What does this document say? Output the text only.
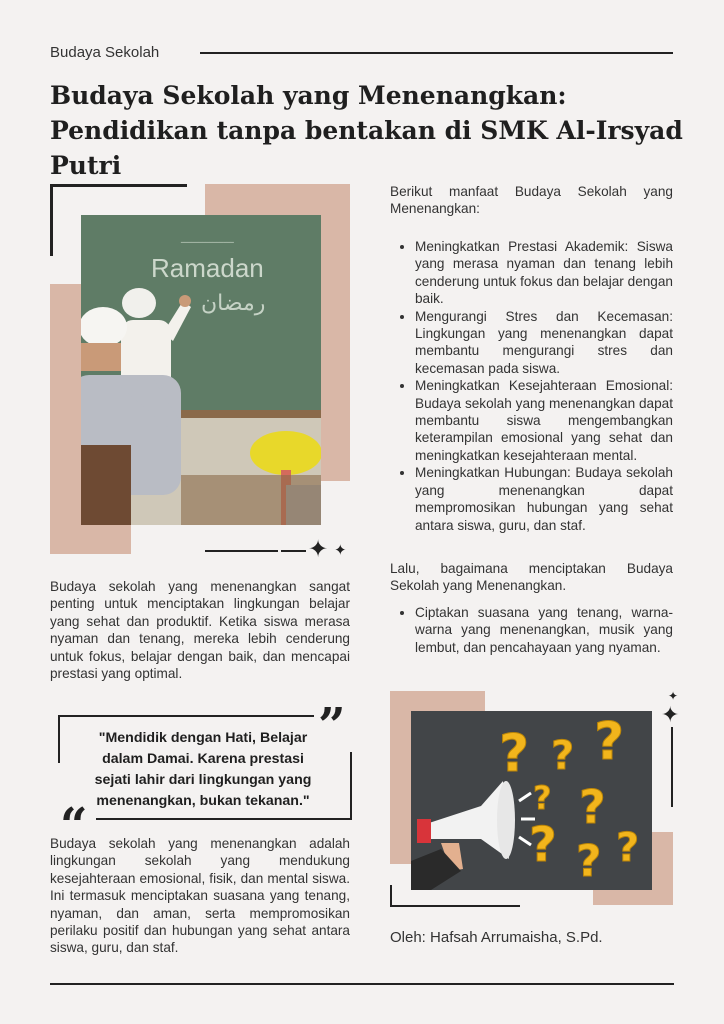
Budaya Sekolah
Budaya Sekolah yang Menenangkan: Pendidikan tanpa bentakan di SMK Al-Irsyad Putri
Ramadan
رمضان
ـــــــــــــــ
✦ ✦
Budaya sekolah yang menenangkan sangat penting untuk menciptakan lingkungan belajar yang sehat dan produktif. Ketika siswa merasa nyaman dan tenang, mereka lebih cenderung untuk fokus, belajar dengan baik, dan mencapai prestasi yang optimal.
”
“
"Mendidik dengan Hati, Belajar dalam Damai. Karena prestasi sejati lahir dari lingkungan yang menenangkan, bukan tekanan."
Budaya sekolah yang menenangkan adalah lingkungan sekolah yang mendukung kesejahteraan emosional, fisik, dan mental siswa. Ini termasuk menciptakan suasana yang tenang, nyaman, dan aman, serta mempromosikan perilaku positif dan hubungan yang sehat antara siswa, guru, dan staf.
Berikut manfaat Budaya Sekolah yang Menenangkan:
• Meningkatkan Prestasi Akademik: Siswa yang merasa nyaman dan tenang lebih cenderung untuk fokus dan belajar dengan baik.
• Mengurangi Stres dan Kecemasan: Lingkungan yang menenangkan dapat membantu mengurangi stres dan kecemasan pada siswa.
• Meningkatkan Kesejahteraan Emosional: Budaya sekolah yang menenangkan dapat membantu siswa mengembangkan keterampilan emosional yang sehat dan meningkatkan kesejahteraan mental.
• Meningkatkan Hubungan: Budaya sekolah yang menenangkan dapat mempromosikan hubungan yang sehat antara siswa, guru, dan staf.
Lalu, bagaimana menciptakan Budaya Sekolah yang Menenangkan.
• Ciptakan suasana yang tenang, warna-warna yang menenangkan, musik yang lembut, dan pencahayaan yang nyaman.
✦
✦
? ? ?
? ?
? ? ?
Oleh: Hafsah Arrumaisha, S.Pd.
